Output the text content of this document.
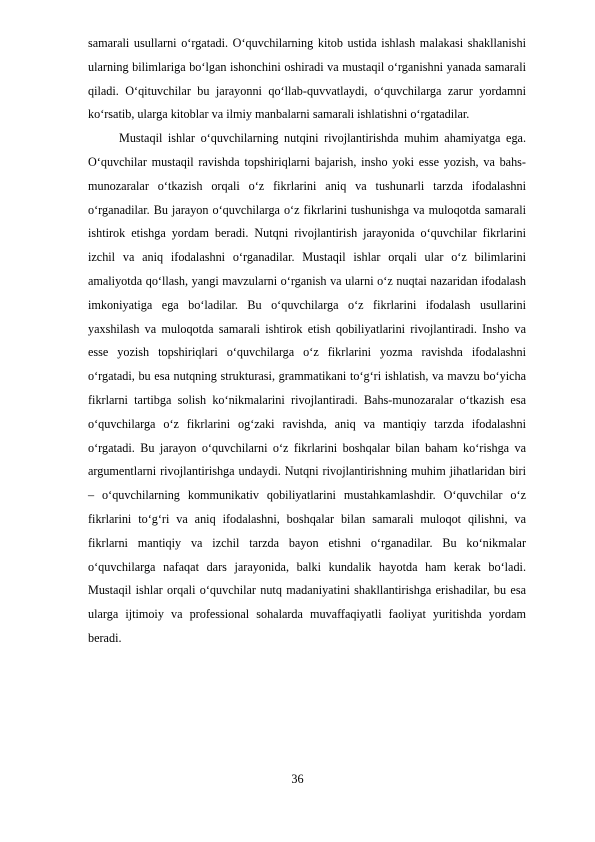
samarali usullarni o‘rgatadi. O‘quvchilarning kitob ustida ishlash malakasi shakllanishi ularning bilimlariga bo‘lgan ishonchini oshiradi va mustaqil o‘rganishni yanada samarali qiladi. O‘qituvchilar bu jarayonni qo‘llab-quvvatlaydi, o‘quvchilarga zarur yordamni ko‘rsatib, ularga kitoblar va ilmiy manbalarni samarali ishlatishni o‘rgatadilar.

Mustaqil ishlar o‘quvchilarning nutqini rivojlantirishda muhim ahamiyatga ega. O‘quvchilar mustaqil ravishda topshiriqlarni bajarish, insho yoki esse yozish, va bahs-munozaralar o‘tkazish orqali o‘z fikrlarini aniq va tushunarli tarzda ifodalashni o‘rganadilar. Bu jarayon o‘quvchilarga o‘z fikrlarini tushunishga va muloqotda samarali ishtirok etishga yordam beradi. Nutqni rivojlantirish jarayonida o‘quvchilar fikrlarini izchil va aniq ifodalashni o‘rganadilar. Mustaqil ishlar orqali ular o‘z bilimlarini amaliyotda qo‘llash, yangi mavzularni o‘rganish va ularni o‘z nuqtai nazaridan ifodalash imkoniyatiga ega bo‘ladilar. Bu o‘quvchilarga o‘z fikrlarini ifodalash usullarini yaxshilash va muloqotda samarali ishtirok etish qobiliyatlarini rivojlantiradi. Insho va esse yozish topshiriqlari o‘quvchilarga o‘z fikrlarini yozma ravishda ifodalashni o‘rgatadi, bu esa nutqning strukturasi, grammatikani to‘g‘ri ishlatish, va mavzu bo‘yicha fikrlarni tartibga solish ko‘nikmalarini rivojlantiradi. Bahs-munozaralar o‘tkazish esa o‘quvchilarga o‘z fikrlarini og‘zaki ravishda, aniq va mantiqiy tarzda ifodalashni o‘rgatadi. Bu jarayon o‘quvchilarni o‘z fikrlarini boshqalar bilan baham ko‘rishga va argumentlarni rivojlantirishga undaydi. Nutqni rivojlantirishning muhim jihatlaridan biri – o‘quvchilarning kommunikativ qobiliyatlarini mustahkamlashdir. O‘quvchilar o‘z fikrlarini to‘g‘ri va aniq ifodalashni, boshqalar bilan samarali muloqot qilishni, va fikrlarni mantiqiy va izchil tarzda bayon etishni o‘rganadilar. Bu ko‘nikmalar o‘quvchilarga nafaqat dars jarayonida, balki kundalik hayotda ham kerak bo‘ladi. Mustaqil ishlar orqali o‘quvchilar nutq madaniyatini shakllantirishga erishadilar, bu esa ularga ijtimoiy va professional sohalarda muvaffaqiyatli faoliyat yuritishda yordam beradi.

36
